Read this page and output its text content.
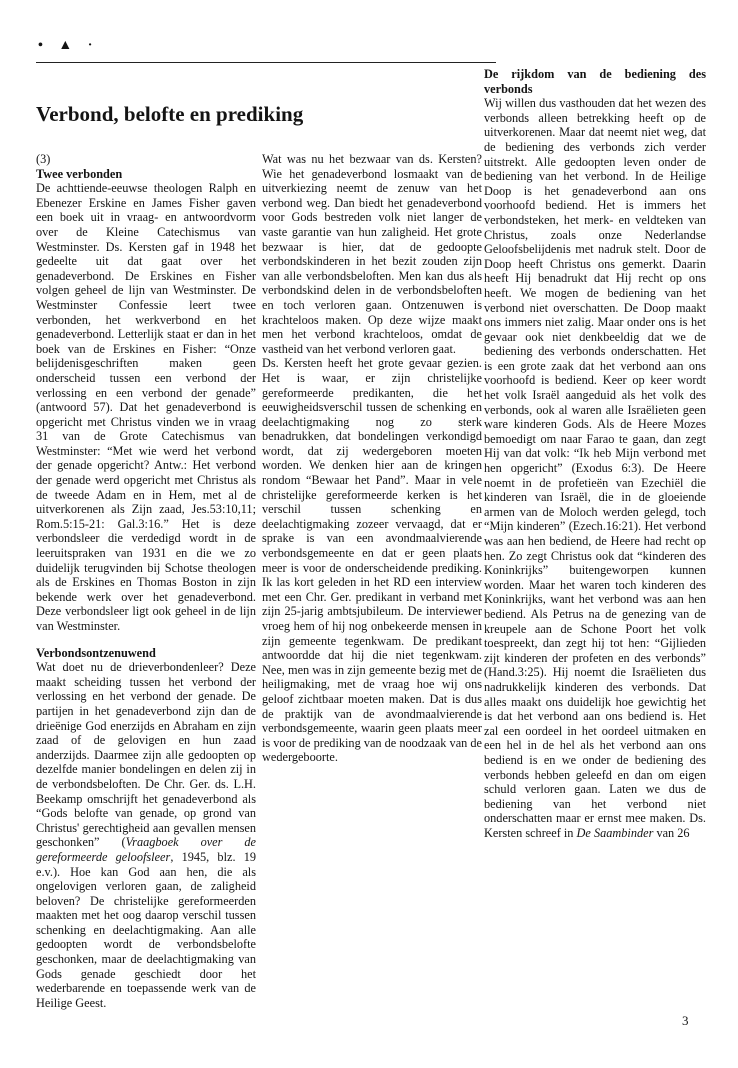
• ▲ ·
Verbond, belofte en prediking

(3)

Twee verbonden

De achttiende-eeuwse theologen Ralph en Ebenezer Erskine en James Fisher gaven een boek uit in vraag- en antwoordvorm over de Kleine Catechismus van Westminster. Ds. Kersten gaf in 1948 het gedeelte uit dat gaat over het genadeverbond. De Erskines en Fisher volgen geheel de lijn van Westminster. De Westminster Confessie leert twee verbonden, het werkverbond en het genadeverbond. Letterlijk staat er dan in het boek van de Erskines en Fisher: “Onze belijdenisgeschriften maken geen onderscheid tussen een verbond der verlossing en een verbond der genade” (antwoord 57). Dat het genadeverbond is opgericht met Christus vinden we in vraag 31 van de Grote Catechismus van Westminster: “Met wie werd het verbond der genade opgericht? Antw.: Het verbond der genade werd opgericht met Christus als de tweede Adam en in Hem, met al de uitverkorenen als Zijn zaad, Jes.53:10,11; Rom.5:15-21: Gal.3:16.” Het is deze verbondsleer die verdedigd wordt in de leeruitspraken van 1931 en die we zo duidelijk terugvinden bij Schotse theologen als de Erskines en Thomas Boston in zijn bekende werk over het genadeverbond. Deze verbondsleer ligt ook geheel in de lijn van Westminster.

Verbondsontzenuwend

Wat doet nu de drieverbondenleer? Deze maakt scheiding tussen het verbond der verlossing en het verbond der genade. De partijen in het genadeverbond zijn dan de drieënige God enerzijds en Abraham en zijn zaad of de gelovigen en hun zaad anderzijds. Daarmee zijn alle gedoopten op dezelfde manier bondelingen en delen zij in de verbondsbeloften. De Chr. Ger. ds. L.H. Beekamp omschrijft het genadeverbond als “Gods belofte van genade, op grond van Christus' gerechtigheid aan gevallen mensen geschonken” (Vraagboek over de gereformeerde geloofsleer, 1945, blz. 19 e.v.). Hoe kan God aan hen, die als ongelovigen verloren gaan, de zaligheid beloven? De christelijke gereformeerden maakten met het oog daarop verschil tussen schenking en deelachtigmaking. Aan alle gedoopten wordt de verbondsbelofte geschonken, maar de deelachtigmaking van Gods genade geschiedt door het wederbarende en toepassende werk van de Heilige Geest.

Wat was nu het bezwaar van ds. Kersten? Wie het genadeverbond losmaakt van de uitverkiezing neemt de zenuw van het verbond weg. Dan biedt het genadeverbond voor Gods bestreden volk niet langer de vaste garantie van hun zaligheid. Het grote bezwaar is hier, dat de gedoopte verbondskinderen in het bezit zouden zijn van alle verbondsbeloften. Men kan dus als verbondskind delen in de verbondsbeloften en toch verloren gaan. Ontzenuwen is krachteloos maken. Op deze wijze maakt men het verbond krachteloos, omdat de vastheid van het verbond verloren gaat.

Ds. Kersten heeft het grote gevaar gezien. Het is waar, er zijn christelijke gereformeerde predikanten, die het eeuwigheidsverschil tussen de schenking en deelachtigmaking nog zo sterk benadrukken, dat bondelingen verkondigd wordt, dat zij wedergeboren moeten worden. We denken hier aan de kringen rondom “Bewaar het Pand”. Maar in vele christelijke gereformeerde kerken is het verschil tussen schenking en deelachtigmaking zozeer vervaagd, dat er sprake is van een avondmaalvierende verbondsgemeente en dat er geen plaats meer is voor de onderscheidende prediking. Ik las kort geleden in het RD een interview met een Chr. Ger. predikant in verband met zijn 25-jarig ambtsjubileum. De interviewer vroeg hem of hij nog onbekeerde mensen in zijn gemeente tegenkwam. De predikant antwoordde dat hij die niet tegenkwam. Nee, men was in zijn gemeente bezig met de heiligmaking, met de vraag hoe wij ons geloof zichtbaar moeten maken. Dat is dus de praktijk van de avondmaalvierende verbondsgemeente, waarin geen plaats meer is voor de prediking van de noodzaak van de wedergeboorte.

De rijkdom van de bediening des verbonds

Wij willen dus vasthouden dat het wezen des verbonds alleen betrekking heeft op de uitverkorenen. Maar dat neemt niet weg, dat de bediening des verbonds zich verder uitstrekt. Alle gedoopten leven onder de bediening van het verbond. In de Heilige Doop is het genadeverbond aan ons voorhoofd bediend. Het is immers het verbondsteken, het merk- en veldteken van Christus, zoals onze Nederlandse Geloofsbelijdenis met nadruk stelt. Door de Doop heeft Christus ons gemerkt. Daarin heeft Hij benadrukt dat Hij recht op ons heeft. We mogen de bediening van het verbond niet overschatten. De Doop maakt ons immers niet zalig. Maar onder ons is het gevaar ook niet denkbeeldig dat we de bediening des verbonds onderschatten. Het is een grote zaak dat het verbond aan ons voorhoofd is bediend. Keer op keer wordt het volk Israël aangeduid als het volk des verbonds, ook al waren alle Israëlieten geen ware kinderen Gods. Als de Heere Mozes bemoedigt om naar Farao te gaan, dan zegt Hij van dat volk: “Ik heb Mijn verbond met hen opgericht” (Exodus 6:3). De Heere noemt in de profetieën van Ezechiël die kinderen van Israël, die in de gloeiende armen van de Moloch werden gelegd, toch “Mijn kinderen” (Ezech.16:21). Het verbond was aan hen bediend, de Heere had recht op hen. Zo zegt Christus ook dat “kinderen des Koninkrijks” buitengeworpen kunnen worden. Maar het waren toch kinderen des Koninkrijks, want het verbond was aan hen bediend. Als Petrus na de genezing van de kreupele aan de Schone Poort het volk toespreekt, dan zegt hij tot hen: “Gijlieden zijt kinderen der profeten en des verbonds” (Hand.3:25). Hij noemt die Israëlieten dus nadrukkelijk kinderen des verbonds. Dat alles maakt ons duidelijk hoe gewichtig het is dat het verbond aan ons bediend is. Het zal een oordeel in het oordeel uitmaken en een hel in de hel als het verbond aan ons bediend is en we onder de bediening des verbonds hebben geleefd en dan om eigen schuld verloren gaan. Laten we dus de bediening van het verbond niet onderschatten maar er ernst mee maken. Ds. Kersten schreef in De Saambinder van 26

3
